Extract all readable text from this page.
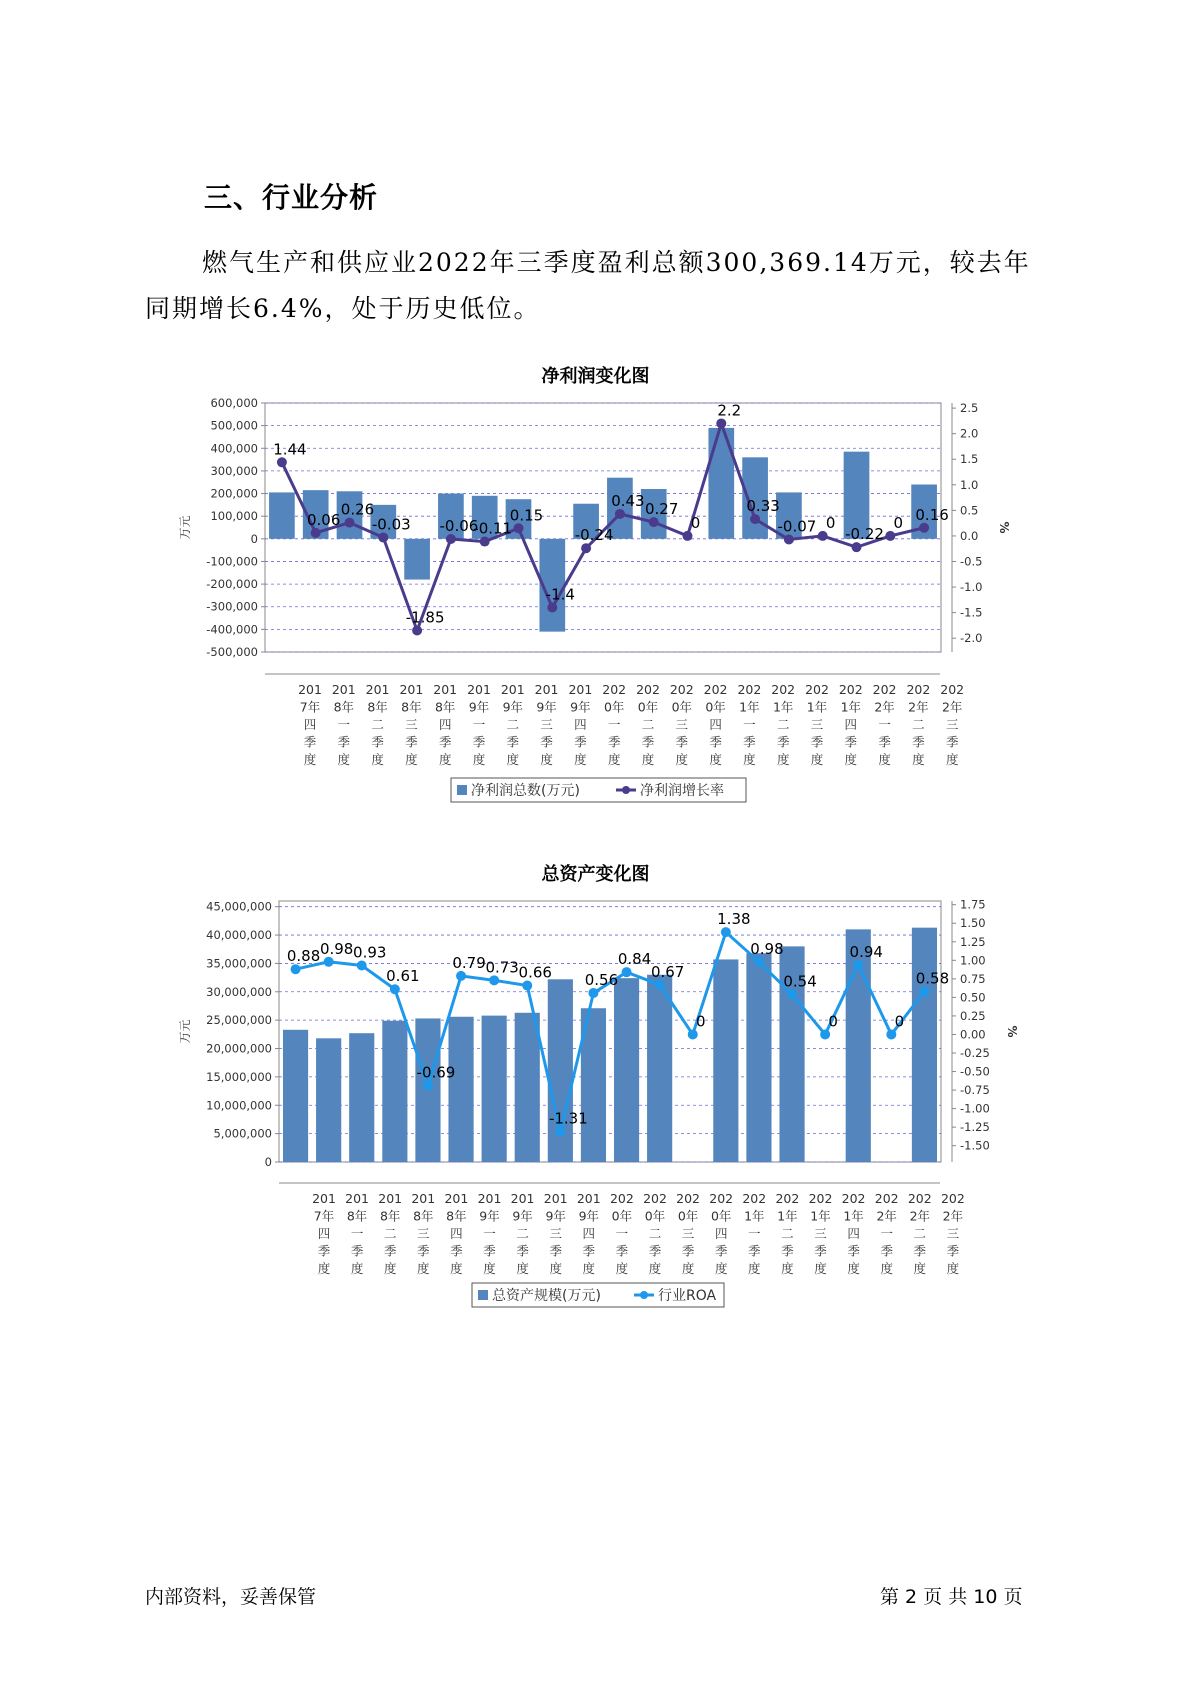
三、行业分析
燃气生产和供应业2022年三季度盈利总额300,369.14万元，较去年同期增长6.4%，处于历史低位。
净利润变化图
600,000
500,000
400,000
300,000
200,000
100,000
0
-100,000
-200,000
-300,000
-400,000
-500,000
万元
2.5
2.0
1.5
1.0
0.5
0.0
-0.5
-1.0
-1.5
-2.0
%
201
7年
四
季
度
201
8年
一
季
度
201
8年
二
季
度
201
8年
三
季
度
201
8年
四
季
度
201
9年
一
季
度
201
9年
二
季
度
201
9年
三
季
度
201
9年
四
季
度
202
0年
一
季
度
202
0年
二
季
度
202
0年
三
季
度
202
0年
四
季
度
202
1年
一
季
度
202
1年
二
季
度
202
1年
三
季
度
202
1年
四
季
度
202
2年
一
季
度
202
2年
二
季
度
202
2年
三
季
度
1.44
0.06
0.26
-0.03
-1.85
-0.06
-0.11
0.15
-1.4
-0.24
0.43 0.27
0
2.2
0.33
-0.07 0
-0.22
0 0.16
净利润总数(万元)	净利润增长率
总资产变化图
45,000,000
40,000,000
35,000,000
30,000,000
25,000,000
20,000,000
15,000,000
10,000,000
5,000,000
0
万元
1.75
1.50
1.25
1.00
0.75
0.50
0.25
0.00
-0.25
-0.50
-0.75
-1.00
-1.25
-1.50
%
201
7年
四
季
度
201
8年
一
季
度
201
8年
二
季
度
201
8年
三
季
度
201
8年
四
季
度
201
9年
一
季
度
201
9年
二
季
度
201
9年
三
季
度
201
9年
四
季
度
202
0年
一
季
度
202
0年
二
季
度
202
0年
三
季
度
202
0年
四
季
度
202
1年
一
季
度
202
1年
二
季
度
202
1年
三
季
度
202
1年
四
季
度
202
2年
一
季
度
202
2年
二
季
度
202
2年
三
季
度
0.88 0.98 0.93
0.61
-0.69
0.79 0.73 0.66
-1.31
0.56
0.84
0.67
0
1.38
0.98
0.54
0
0.94
0
0.58
总资产规模(万元)	行业ROA
内部资料，妥善保管	第 2 页 共 10 页
